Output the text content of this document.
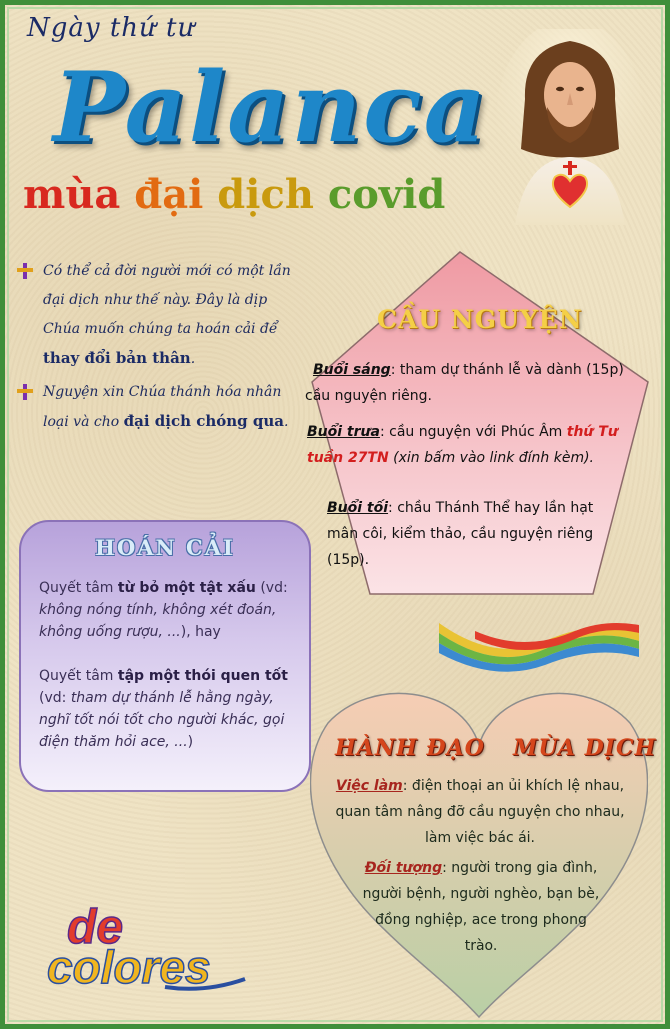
Ngày thứ tư
Palanca
mùa đại dịch covid
Có thể cả đời người mới có một lần đại dịch như thế này. Đây là dịp Chúa muốn chúng ta hoán cải để thay đổi bản thân.
Nguyện xin Chúa thánh hóa nhân loại và cho đại dịch chóng qua.
CẦU NGUYỆN
Buổi sáng: tham dự thánh lễ và dành (15p) cầu nguyện riêng.
Buổi trưa: cầu nguyện với Phúc Âm thứ Tư tuần 27TN (xin bấm vào link đính kèm).
Buổi tối: chầu Thánh Thể hay lần hạt mân côi, kiểm thảo, cầu nguyện riêng (15p).
HOÁN CẢI
Quyết tâm từ bỏ một tật xấu (vd: không nóng tính, không xét đoán, không uống rượu, ...), hay
Quyết tâm tập một thói quen tốt
(vd: tham dự thánh lễ hằng ngày, nghĩ tốt nói tốt cho người khác, gọi điện thăm hỏi ace, ...)	HÀNH ĐẠO MÙA DỊCH
Việc làm: điện thoại an ủi khích lệ nhau, quan tâm nâng đỡ cầu nguyện cho nhau, làm việc bác ái.
Đối tượng: người trong gia đình, người bệnh, người nghèo, bạn bè, đồng nghiệp, ace trong phong trào.
de
colores
